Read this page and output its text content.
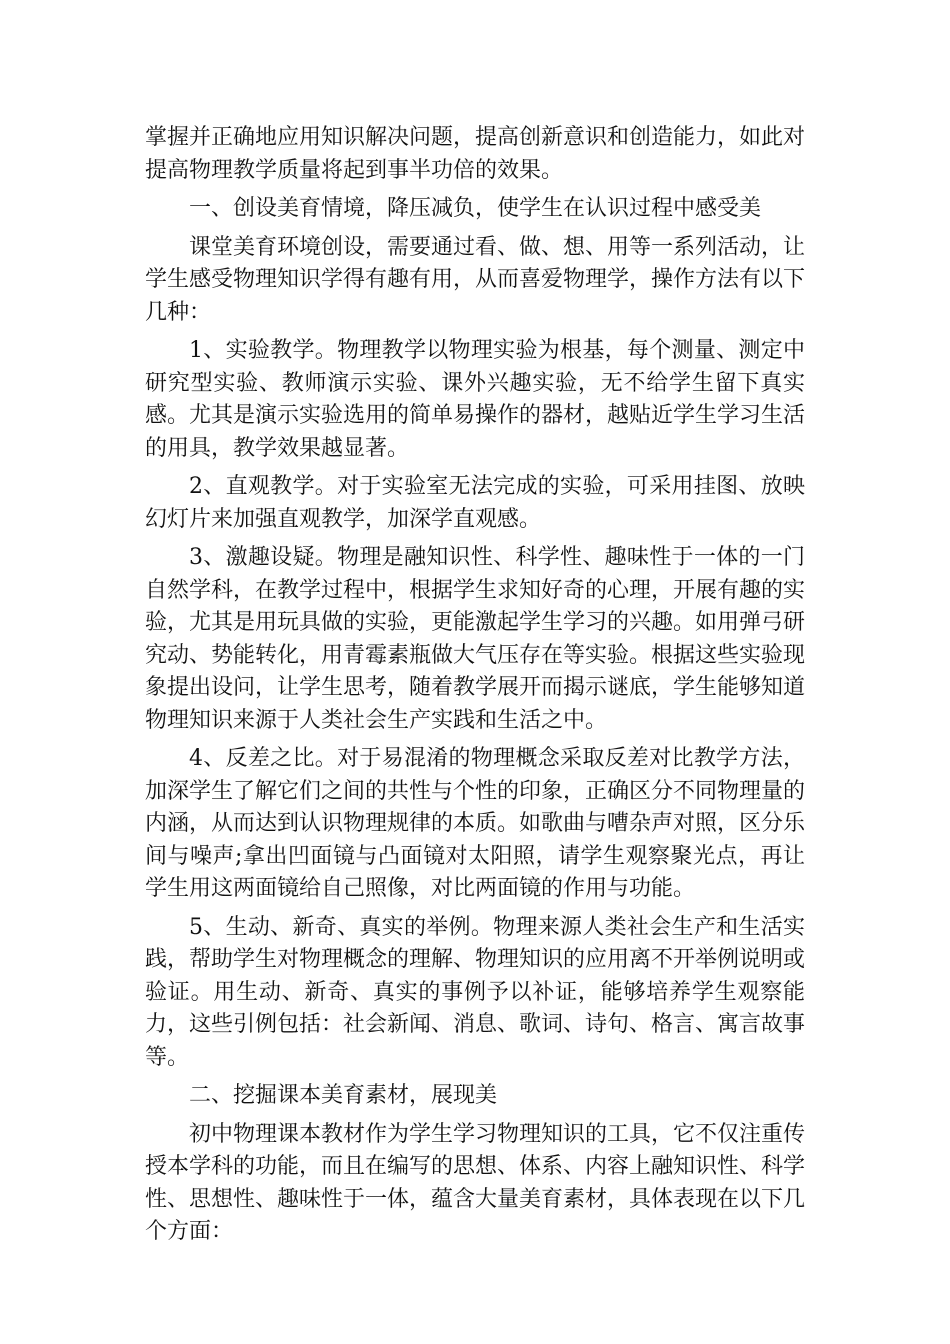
掌握并正确地应用知识解决问题，提高创新意识和创造能力，如此对提高物理教学质量将起到事半功倍的效果。

一、创设美育情境，降压减负，使学生在认识过程中感受美

课堂美育环境创设，需要通过看、做、想、用等一系列活动，让学生感受物理知识学得有趣有用，从而喜爱物理学，操作方法有以下几种：

1、实验教学。物理教学以物理实验为根基，每个测量、测定中研究型实验、教师演示实验、课外兴趣实验，无不给学生留下真实感。尤其是演示实验选用的简单易操作的器材，越贴近学生学习生活的用具，教学效果越显著。

2、直观教学。对于实验室无法完成的实验，可采用挂图、放映幻灯片来加强直观教学，加深学直观感。

3、激趣设疑。物理是融知识性、科学性、趣味性于一体的一门自然学科，在教学过程中，根据学生求知好奇的心理，开展有趣的实验，尤其是用玩具做的实验，更能激起学生学习的兴趣。如用弹弓研究动、势能转化，用青霉素瓶做大气压存在等实验。根据这些实验现象提出设问，让学生思考，随着教学展开而揭示谜底，学生能够知道物理知识来源于人类社会生产实践和生活之中。

4、反差之比。对于易混淆的物理概念采取反差对比教学方法，加深学生了解它们之间的共性与个性的印象，正确区分不同物理量的内涵，从而达到认识物理规律的本质。如歌曲与嘈杂声对照，区分乐间与噪声;拿出凹面镜与凸面镜对太阳照，请学生观察聚光点，再让学生用这两面镜给自己照像，对比两面镜的作用与功能。

5、生动、新奇、真实的举例。物理来源人类社会生产和生活实践，帮助学生对物理概念的理解、物理知识的应用离不开举例说明或验证。用生动、新奇、真实的事例予以补证，能够培养学生观察能力，这些引例包括：社会新闻、消息、歌词、诗句、格言、寓言故事等。

二、挖掘课本美育素材，展现美

初中物理课本教材作为学生学习物理知识的工具，它不仅注重传授本学科的功能，而且在编写的思想、体系、内容上融知识性、科学性、思想性、趣味性于一体，蕴含大量美育素材，具体表现在以下几个方面：
